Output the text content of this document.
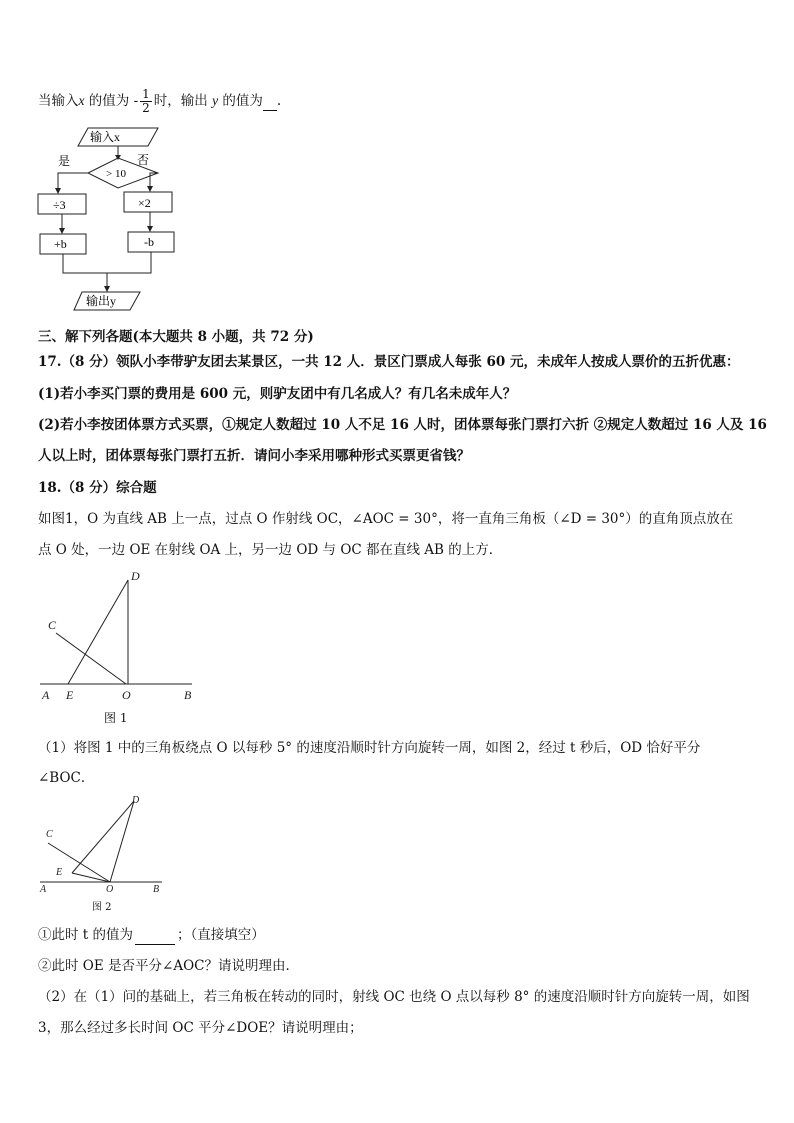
当输入x 的值为 - $\frac{1}{2}$ 时，输出 y 的值为 .
输入x
> 10
是	否
÷3	×2
+b	-b
输出y
三、解下列各题(本大题共 8 小题，共 72 分)
17.（8 分）领队小李带驴友团去某景区，一共 12 人．景区门票成人每张 60 元，未成年人按成人票价的五折优惠：
(1)若小李买门票的费用是 600 元，则驴友团中有几名成人？有几名未成年人？
(2)若小李按团体票方式买票，①规定人数超过 10 人不足 16 人时，团体票每张门票打六折 ②规定人数超过 16 人及 16
人以上时，团体票每张门票打五折．请问小李采用哪种形式买票更省钱？
18.（8 分）综合题
如图1，O 为直线 AB 上一点，过点 O 作射线 OC，∠AOC = 30°，将一直角三角板（∠D = 30°）的直角顶点放在
点 O 处，一边 OE 在射线 OA 上，另一边 OD 与 OC 都在直线 AB 的上方．
A E	O	B
C
D
图 1
（1）将图 1 中的三角板绕点 O 以每秒 5° 的速度沿顺时针方向旋转一周，如图 2，经过 t 秒后，OD 恰好平分
∠BOC．
A
E
O	B
C
D
图 2
①此时 t 的值为	；（直接填空）
②此时 OE 是否平分∠AOC？请说明理由．
（2）在（1）问的基础上，若三角板在转动的同时，射线 OC 也绕 O 点以每秒 8° 的速度沿顺时针方向旋转一周，如图
3，那么经过多长时间 OC 平分∠DOE？请说明理由；
